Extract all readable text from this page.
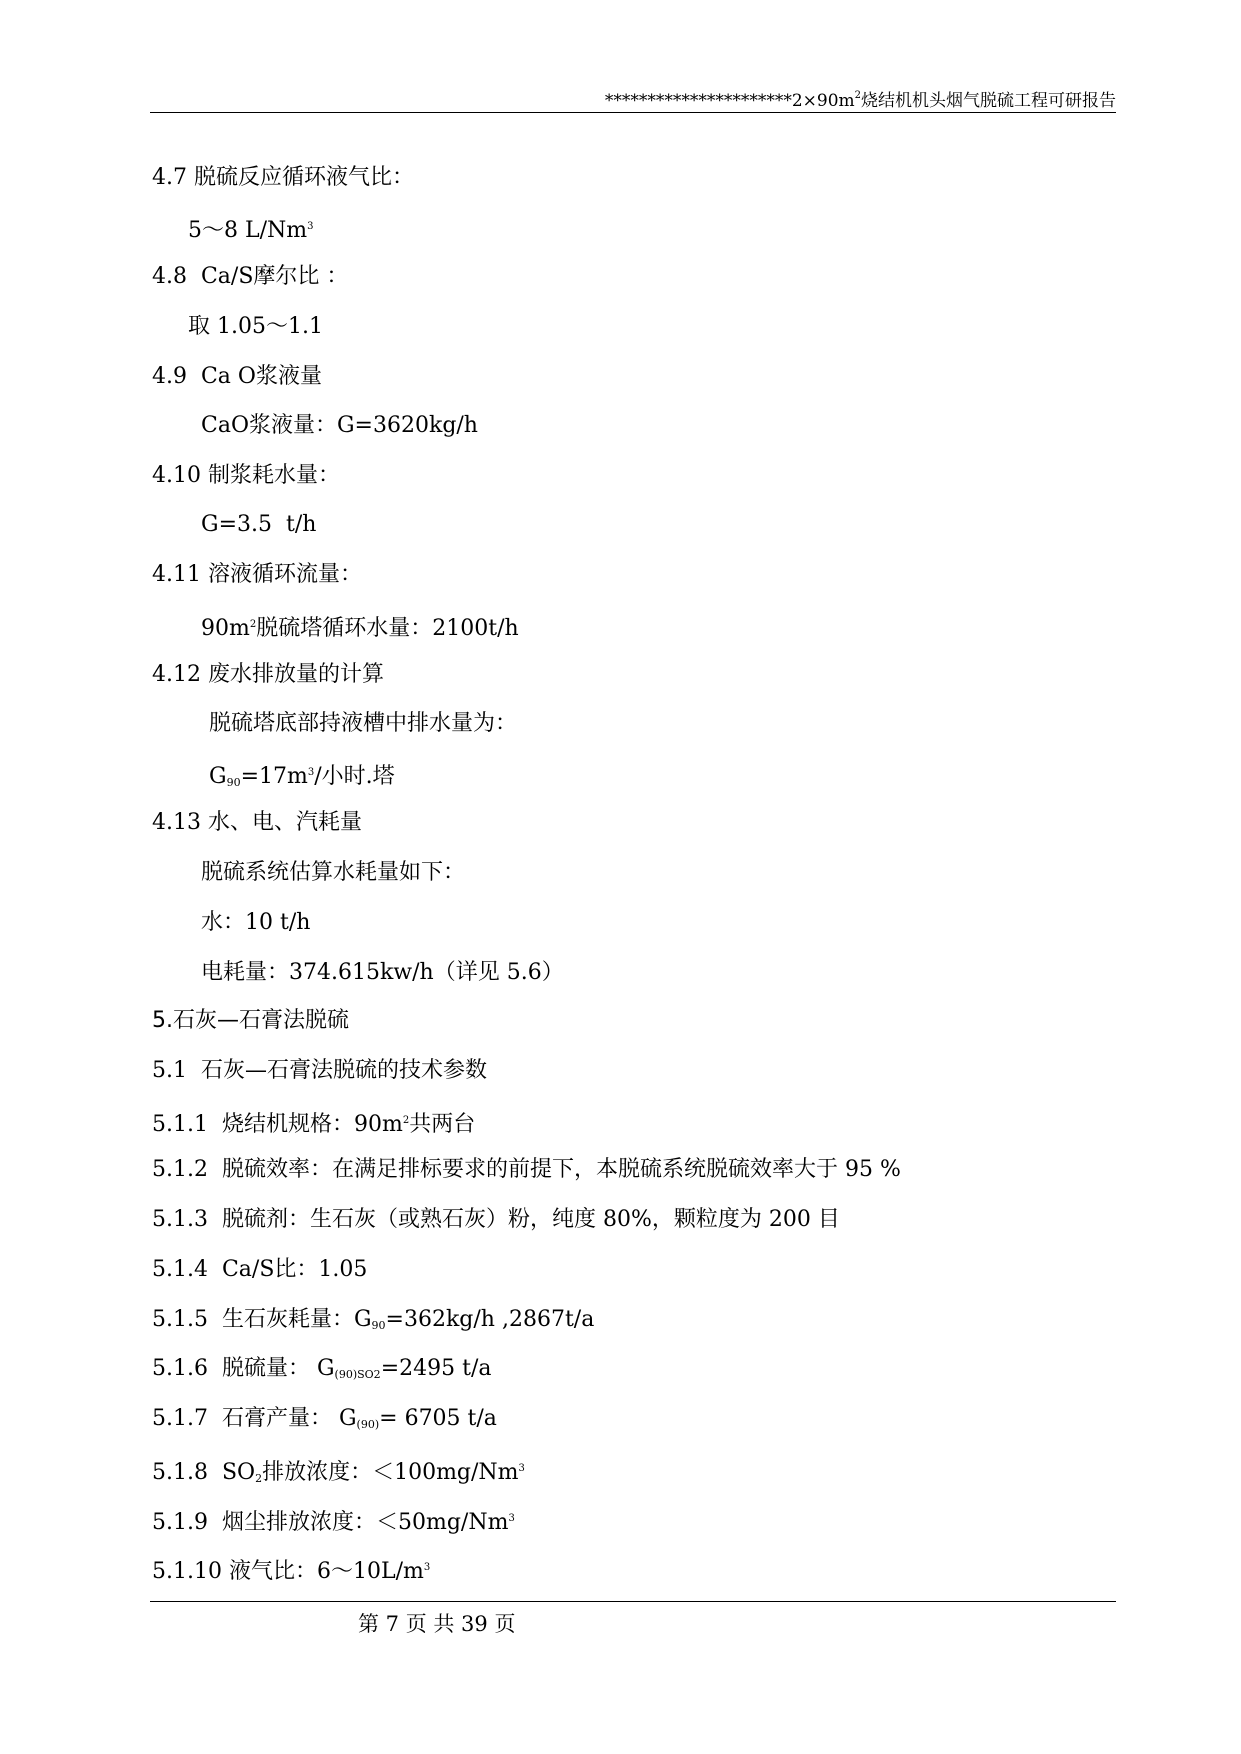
$**********************2\times 90m^2$烧结机机头烟气脱硫工程可研报告
4.7 脱硫反应循环液气比：
5～8 L/Nm$^3$
4.8  Ca/S摩尔比 ：
取 1.05～1.1
4.9  Ca O浆液量
CaO浆液量：G=3620kg/h
4.10 制浆耗水量：
G=3.5  t/h
4.11 溶液循环流量：
$90m^2$脱硫塔循环水量：2100t/h
4.12 废水排放量的计算
脱硫塔底部持液槽中排水量为：
$G_{90}=17m^3/$小时.塔
4.13 水、电、汽耗量
脱硫系统估算水耗量如下：
水：10 t/h
电耗量：374.615kw/h（详见 5.6）
5.石灰—石膏法脱硫
5.1  石灰—石膏法脱硫的技术参数
5.1.1  烧结机规格：$90m^2$共两台
5.1.2  脱硫效率：在满足排标要求的前提下，本脱硫系统脱硫效率大于 95 %
5.1.3  脱硫剂：生石灰（或熟石灰）粉，纯度 80%，颗粒度为 200 目
5.1.4  Ca/S比：1.05
5.1.5  生石灰耗量：$G_{90}=362kg/h$ ,2867t/a
5.1.6  脱硫量： $G_{(90)SO2}=2495$ t/a
5.1.7  石膏产量： $G_{(90)}= 6705$ t/a
5.1.8  $SO_2$排放浓度：$<100mg/Nm^3$
5.1.9  烟尘排放浓度：$<50mg/Nm^3$
5.1.10 液气比：$6\sim 10L/m^3$
第 7 页 共 39 页
